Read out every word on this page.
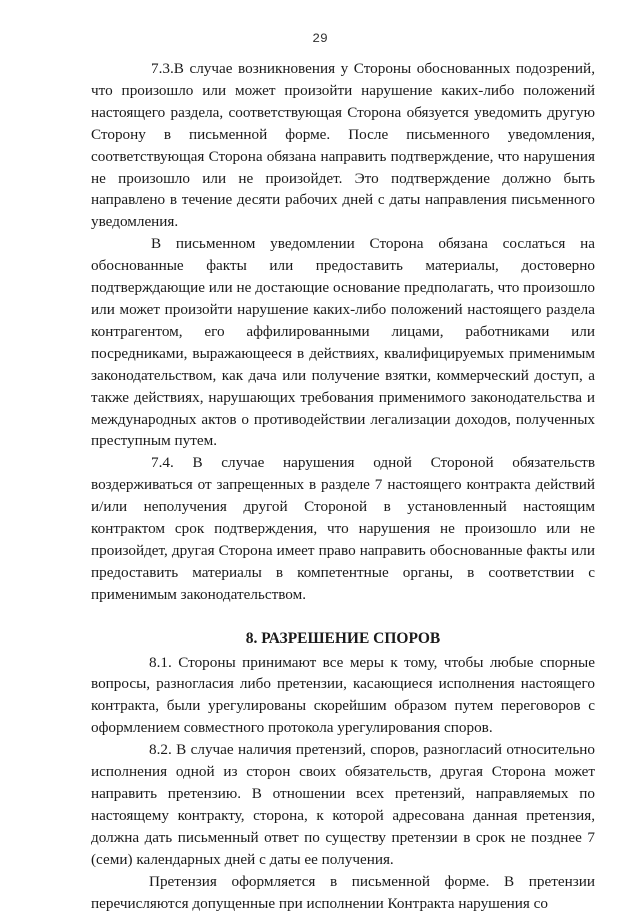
29

7.3.В случае возникновения у Стороны обоснованных подозрений, что произошло или может произойти нарушение каких-либо положений настоящего раздела, соответствующая Сторона обязуется уведомить другую Сторону в письменной форме. После письменного уведомления, соответствующая Сторона обязана направить подтверждение, что нарушения не произошло или не произойдет. Это подтверждение должно быть направлено в течение десяти рабочих дней с даты направления письменного уведомления.

В письменном уведомлении Сторона обязана сослаться на обоснованные факты или предоставить материалы, достоверно подтверждающие или не достающие основание предполагать, что произошло или может произойти нарушение каких-либо положений настоящего раздела контрагентом, его аффилированными лицами, работниками или посредниками, выражающееся в действиях, квалифицируемых применимым законодательством, как дача или получение взятки, коммерческий доступ, а также действиях, нарушающих требования применимого законодательства и международных актов о противодействии легализации доходов, полученных преступным путем.

7.4. В случае нарушения одной Стороной обязательств воздерживаться от запрещенных в разделе 7 настоящего контракта действий и/или неполучения другой Стороной в установленный настоящим контрактом срок подтверждения, что нарушения не произошло или не произойдет, другая Сторона имеет право направить обоснованные факты или предоставить материалы в компетентные органы, в соответствии с применимым законодательством.

8. РАЗРЕШЕНИЕ СПОРОВ

8.1. Стороны принимают все меры к тому, чтобы любые спорные вопросы, разногласия либо претензии, касающиеся исполнения настоящего контракта, были урегулированы скорейшим образом путем переговоров с оформлением совместного протокола урегулирования споров.

8.2. В случае наличия претензий, споров, разногласий относительно исполнения одной из сторон своих обязательств, другая Сторона может направить претензию. В отношении всех претензий, направляемых по настоящему контракту, сторона, к которой адресована данная претензия, должна дать письменный ответ по существу претензии в срок не позднее 7 (семи) календарных дней с даты ее получения.

Претензия оформляется в письменной форме. В претензии перечисляются допущенные при исполнении Контракта нарушения со
